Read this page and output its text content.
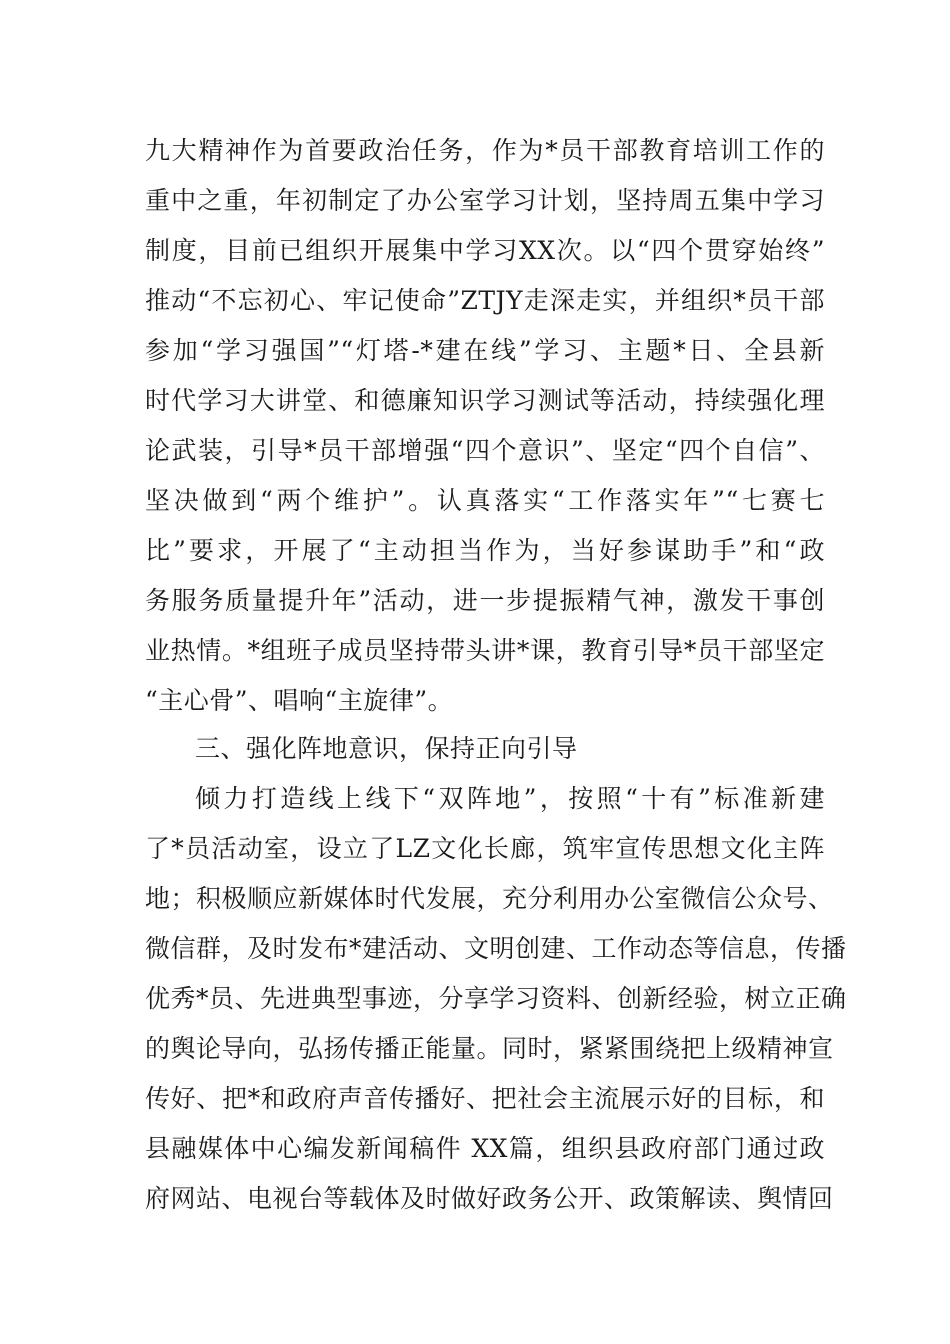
九大精神作为首要政治任务，作为*员干部教育培训工作的

重中之重，年初制定了办公室学习计划，坚持周五集中学习

制度，目前已组织开展集中学习XX次。以“四个贯穿始终”

推动“不忘初心、牢记使命”ZTJY走深走实，并组织*员干部

参加“学习强国”“灯塔-*建在线”学习、主题*日、全县新

时代学习大讲堂、和德廉知识学习测试等活动，持续强化理

论武装，引导*员干部增强“四个意识”、坚定“四个自信”、

坚决做到“两个维护”。认真落实“工作落实年”“七赛七

比”要求，开展了“主动担当作为，当好参谋助手”和“政

务服务质量提升年”活动，进一步提振精气神，激发干事创

业热情。*组班子成员坚持带头讲*课，教育引导*员干部坚定

“主心骨”、唱响“主旋律”。

三、强化阵地意识，保持正向引导

倾力打造线上线下“双阵地”，按照“十有”标准新建

了*员活动室，设立了LZ文化长廊，筑牢宣传思想文化主阵

地；积极顺应新媒体时代发展，充分利用办公室微信公众号、

微信群，及时发布*建活动、文明创建、工作动态等信息，传播

优秀*员、先进典型事迹，分享学习资料、创新经验，树立正确

的舆论导向，弘扬传播正能量。同时，紧紧围绕把上级精神宣

传好、把*和政府声音传播好、把社会主流展示好的目标，和

县融媒体中心编发新闻稿件 XX篇，组织县政府部门通过政

府网站、电视台等载体及时做好政务公开、政策解读、舆情回
